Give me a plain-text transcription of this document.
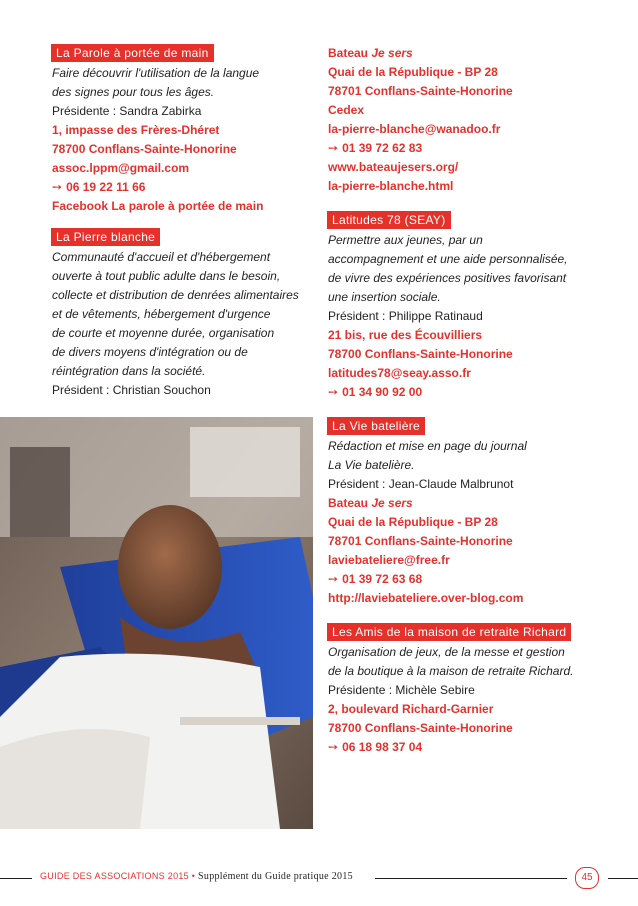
La Parole à portée de main
Faire découvrir l'utilisation de la langue
des signes pour tous les âges.
Présidente : Sandra Zabirka
1, impasse des Frères-Dhéret
78700 Conflans-Sainte-Honorine
assoc.lppm@gmail.com
➙ 06 19 22 11 66
Facebook La parole à portée de main
La Pierre blanche
Communauté d'accueil et d'hébergement
ouverte à tout public adulte dans le besoin,
collecte et distribution de denrées alimentaires
et de vêtements, hébergement d'urgence
de courte et moyenne durée, organisation
de divers moyens d'intégration ou de
réintégration dans la société.
Président : Christian Souchon
Bateau Je sers
Quai de la République - BP 28
78701 Conflans-Sainte-Honorine
Cedex
la-pierre-blanche@wanadoo.fr
➙ 01 39 72 62 83
www.bateaujesers.org/
la-pierre-blanche.html
Latitudes 78 (SEAY)
Permettre aux jeunes, par un
accompagnement et une aide personnalisée,
de vivre des expériences positives favorisant
une insertion sociale.
Président : Philippe Ratinaud
21 bis, rue des Écouvilliers
78700 Conflans-Sainte-Honorine
latitudes78@seay.asso.fr
➙ 01 34 90 92 00
La Vie batelière
Rédaction et mise en page du journal
La Vie batelière.
Président : Jean-Claude Malbrunot
Bateau Je sers
Quai de la République - BP 28
78701 Conflans-Sainte-Honorine
laviebateliere@free.fr
➙ 01 39 72 63 68
http://laviebateliere.over-blog.com
Les Amis de la maison de retraite Richard
Organisation de jeux, de la messe et gestion
de la boutique à la maison de retraite Richard.
Présidente : Michèle Sebire
2, boulevard Richard-Garnier
78700 Conflans-Sainte-Honorine
➙ 06 18 98 37 04
GUIDE DES ASSOCIATIONS 2015 • Supplément du Guide pratique 2015	45
